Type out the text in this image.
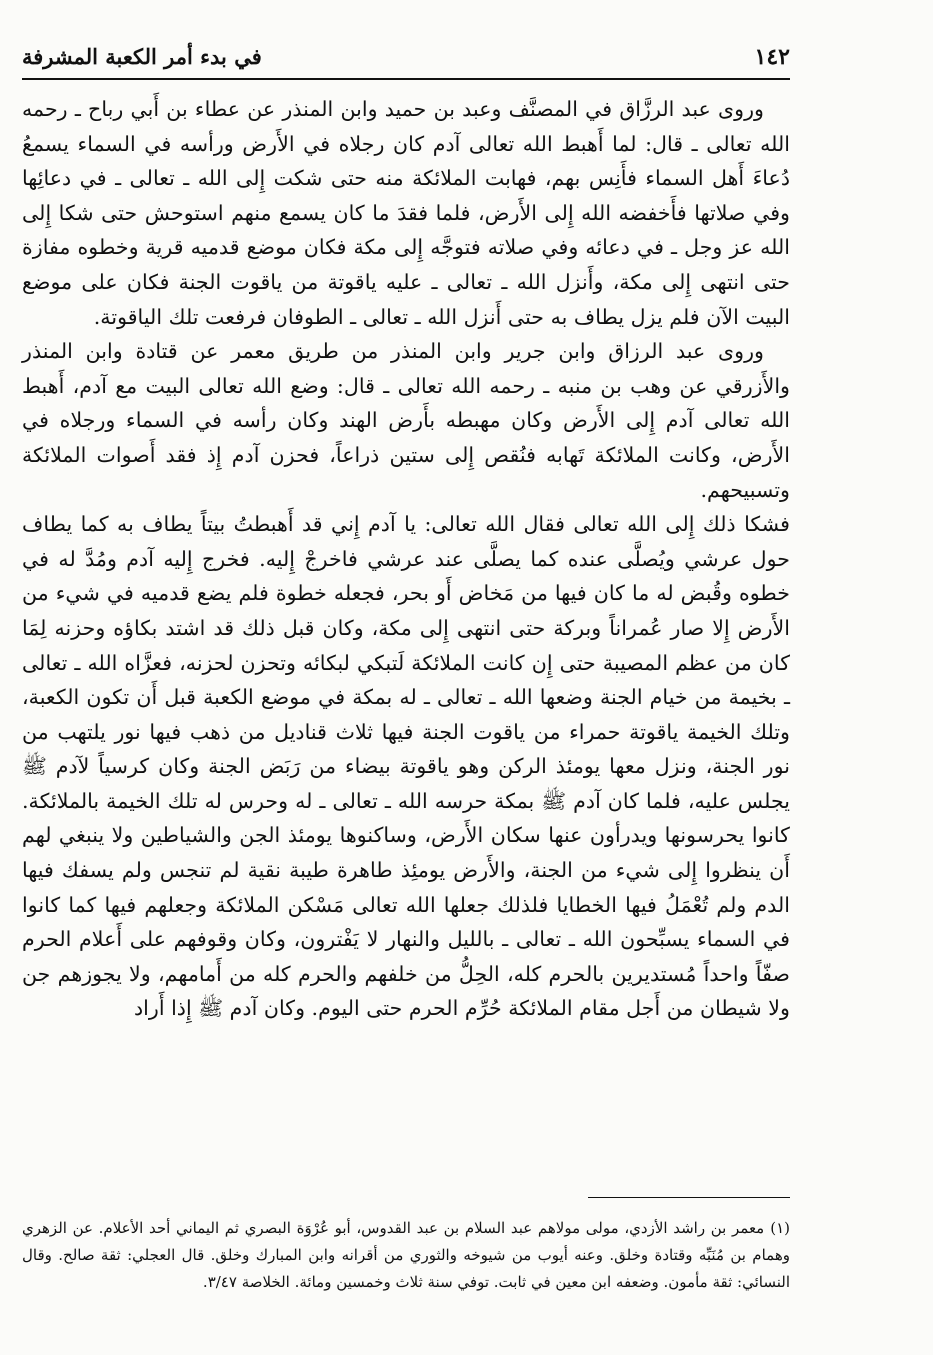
١٤٢
في بدء أمر الكعبة المشرفة

وروى عبد الرزَّاق في المصنَّف وعبد بن حميد وابن المنذر عن عطاء بن أَبي رباح ـ رحمه الله تعالى ـ قال: لما أَهبط الله تعالى آدم كان رجلاه في الأَرض ورأسه في السماء يسمعُ دُعاءَ أَهل السماء فأَنِس بهم، فهابت الملائكة منه حتى شكت إِلى الله ـ تعالى ـ في دعائِها وفي صلاتها فأَخفضه الله إِلى الأَرض، فلما فقدَ ما كان يسمع منهم استوحش حتى شكا إِلى الله عز وجل ـ في دعائه وفي صلاته فتوجَّه إِلى مكة فكان موضع قدميه قرية وخطوه مفازة حتى انتهى إِلى مكة، وأَنزل الله ـ تعالى ـ عليه ياقوتة من ياقوت الجنة فكان على موضع البيت الآن فلم يزل يطاف به حتى أَنزل الله ـ تعالى ـ الطوفان فرفعت تلك الياقوتة.

وروى عبد الرزاق وابن جرير وابن المنذر من طريق معمر عن قتادة وابن المنذر والأَزرقي عن وهب بن منبه ـ رحمه الله تعالى ـ قال: وضع الله تعالى البيت مع آدم، أَهبط الله تعالى آدم إِلى الأَرض وكان مهبطه بأَرض الهند وكان رأسه في السماء ورجلاه في الأَرض، وكانت الملائكة تَهابه فنُقص إِلى ستين ذراعاً، فحزن آدم إِذ فقد أَصوات الملائكة وتسبيحهم.

فشكا ذلك إِلى الله تعالى فقال الله تعالى: يا آدم إِني قد أَهبطتُ بيتاً يطاف به كما يطاف حول عرشي ويُصلَّى عنده كما يصلَّى عند عرشي فاخرجْ إِليه. فخرج إِليه آدم ومُدَّ له في خطوه وقُبض له ما كان فيها من مَخاض أَو بحر، فجعله خطوة فلم يضع قدميه في شيء من الأَرض إِلا صار عُمراناً وبركة حتى انتهى إِلى مكة، وكان قبل ذلك قد اشتد بكاؤه وحزنه لِمَا كان من عظم المصيبة حتى إِن كانت الملائكة لَتبكي لبكائه وتحزن لحزنه، فعزَّاه الله ـ تعالى ـ بخيمة من خيام الجنة وضعها الله ـ تعالى ـ له بمكة في موضع الكعبة قبل أَن تكون الكعبة، وتلك الخيمة ياقوتة حمراء من ياقوت الجنة فيها ثلاث قناديل من ذهب فيها نور يلتهب من نور الجنة، ونزل معها يومئذ الركن وهو ياقوتة بيضاء من رَبَض الجنة وكان كرسياً لآدم ﷺ يجلس عليه، فلما كان آدم ﷺ بمكة حرسه الله ـ تعالى ـ له وحرس له تلك الخيمة بالملائكة. كانوا يحرسونها ويدرأون عنها سكان الأَرض، وساكنوها يومئذ الجن والشياطين ولا ينبغي لهم أَن ينظروا إِلى شيء من الجنة، والأَرض يومئِذ طاهرة طيبة نقية لم تنجس ولم يسفك فيها الدم ولم تُعْمَلُ فيها الخطايا فلذلك جعلها الله تعالى مَسْكن الملائكة وجعلهم فيها كما كانوا في السماء يسبِّحون الله ـ تعالى ـ بالليل والنهار لا يَفْترون، وكان وقوفهم على أَعلام الحرم صفّاً واحداً مُستديرين بالحرم كله، الحِلُّ من خلفهم والحرم كله من أَمامهم، ولا يجوزهم جن ولا شيطان من أَجل مقام الملائكة حُرِّم الحرم حتى اليوم. وكان آدم ﷺ إِذا أَراد

(١)معمر بن راشد الأزدي، مولى مولاهم عبد السلام بن عبد القدوس، أبو عُرْوَة البصري ثم اليماني أحد الأعلام. عن الزهري وهمام بن مُنَبِّه وقتادة وخلق. وعنه أيوب من شيوخه والثوري من أقرانه وابن المبارك وخلق. قال العجلي: ثقة صالح. وقال النسائي: ثقة مأمون. وضعفه ابن معين في ثابت. توفي سنة ثلاث وخمسين ومائة. الخلاصة ٣/٤٧.
